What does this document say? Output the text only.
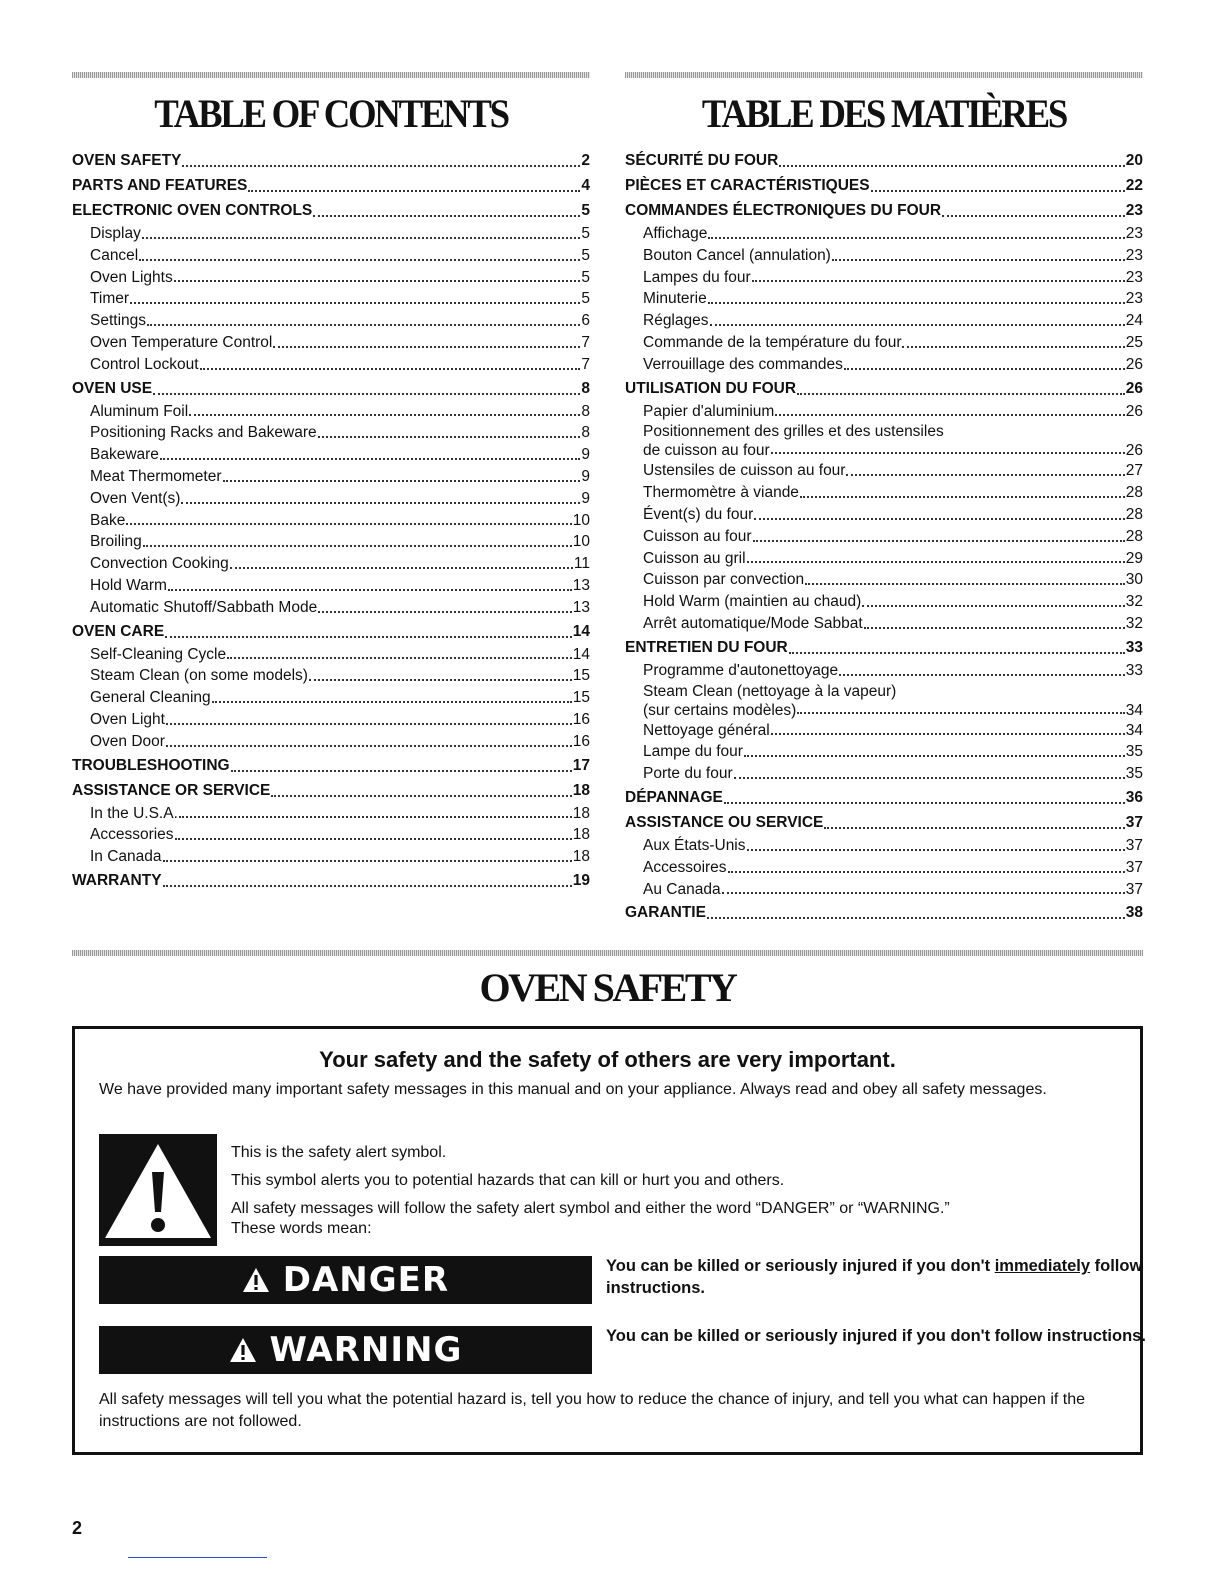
TABLE OF CONTENTS
OVEN SAFETY	2
PARTS AND FEATURES	4
ELECTRONIC OVEN CONTROLS	5
Display	5
Cancel	5
Oven Lights	5
Timer	5
Settings	6
Oven Temperature Control	7
Control Lockout	7
OVEN USE	8
Aluminum Foil	8
Positioning Racks and Bakeware	8
Bakeware	9
Meat Thermometer	9
Oven Vent(s)	9
Bake	10
Broiling	10
Convection Cooking	11
Hold Warm	13
Automatic Shutoff/Sabbath Mode	13
OVEN CARE	14
Self-Cleaning Cycle	14
Steam Clean (on some models)	15
General Cleaning	15
Oven Light	16
Oven Door	16
TROUBLESHOOTING	17
ASSISTANCE OR SERVICE	18
In the U.S.A.	18
Accessories	18
In Canada	18
WARRANTY	19
TABLE DES MATIÈRES
SÉCURITÉ DU FOUR	20
PIÈCES ET CARACTÉRISTIQUES	22
COMMANDES ÉLECTRONIQUES DU FOUR	23
Affichage	23
Bouton Cancel (annulation)	23
Lampes du four	23
Minuterie	23
Réglages	24
Commande de la température du four	25
Verrouillage des commandes	26
UTILISATION DU FOUR	26
Papier d'aluminium	26
Positionnement des grilles et des ustensiles
de cuisson au four	26
Ustensiles de cuisson au four	27
Thermomètre à viande	28
Évent(s) du four	28
Cuisson au four	28
Cuisson au gril	29
Cuisson par convection	30
Hold Warm (maintien au chaud)	32
Arrêt automatique/Mode Sabbat	32
ENTRETIEN DU FOUR	33
Programme d'autonettoyage	33
Steam Clean (nettoyage à la vapeur)
(sur certains modèles)	34
Nettoyage général	34
Lampe du four	35
Porte du four	35
DÉPANNAGE	36
ASSISTANCE OU SERVICE	37
Aux États-Unis	37
Accessoires	37
Au Canada	37
GARANTIE	38
OVEN SAFETY
Your safety and the safety of others are very important.
We have provided many important safety messages in this manual and on your appliance. Always read and obey all safety messages.
This is the safety alert symbol.
This symbol alerts you to potential hazards that can kill or hurt you and others.
All safety messages will follow the safety alert symbol and either the word “DANGER” or “WARNING.”
These words mean:
DANGER	You can be killed or seriously injured if you don't immediately follow instructions.
WARNING	You can be killed or seriously injured if you don't follow instructions.
All safety messages will tell you what the potential hazard is, tell you how to reduce the chance of injury, and tell you what can happen if the instructions are not followed.
2
